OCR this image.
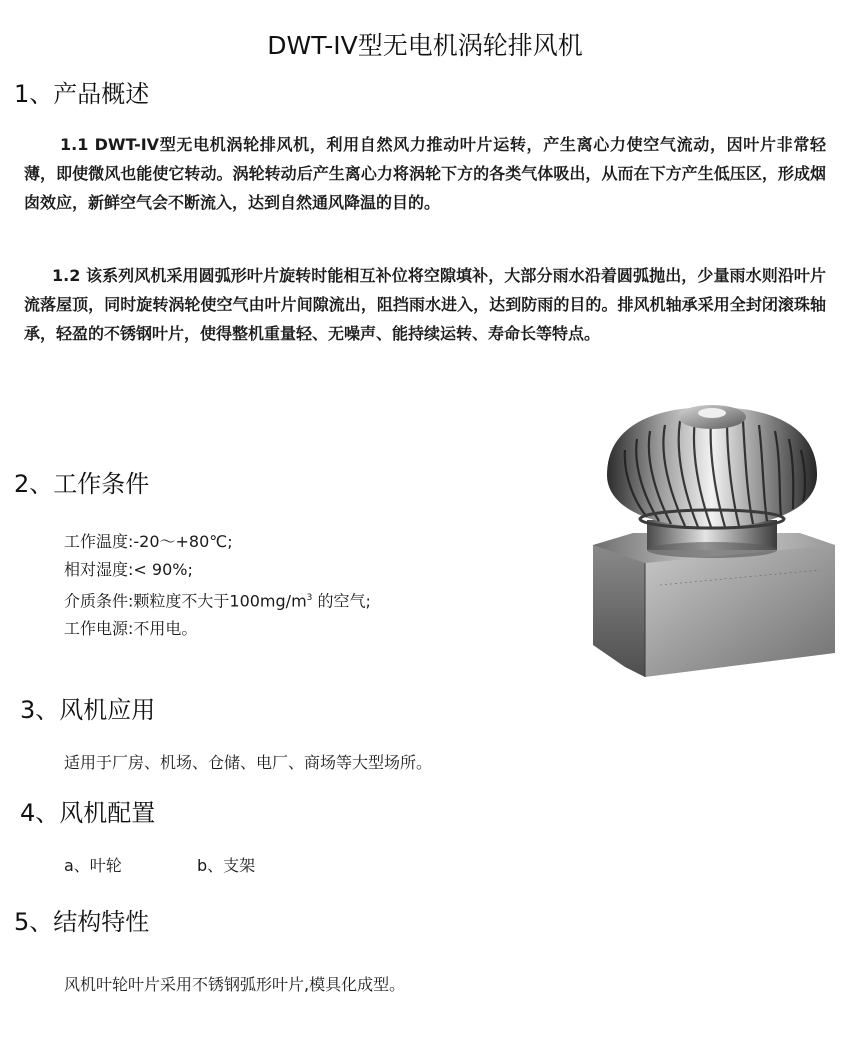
DWT-IV型无电机涡轮排风机
1、产品概述
1.1 DWT-IV型无电机涡轮排风机，利用自然风力推动叶片运转，产生离心力使空气流动，因叶片非常轻薄，即使微风也能使它转动。涡轮转动后产生离心力将涡轮下方的各类气体吸出，从而在下方产生低压区，形成烟囱效应，新鲜空气会不断流入，达到自然通风降温的目的。
1.2 该系列风机采用圆弧形叶片旋转时能相互补位将空隙填补，大部分雨水沿着圆弧抛出，少量雨水则沿叶片流落屋顶，同时旋转涡轮使空气由叶片间隙流出，阻挡雨水进入，达到防雨的目的。排风机轴承采用全封闭滚珠轴承，轻盈的不锈钢叶片，使得整机重量轻、无噪声、能持续运转、寿命长等特点。
2、工作条件
工作温度:-20～+80℃;
相对湿度:< 90%;
介质条件:颗粒度不大于$100mg/m^3$ 的空气;
工作电源:不用电。
3、风机应用
适用于厂房、机场、仓储、电厂、商场等大型场所。
4、风机配置
a、叶轮	b、支架
5、结构特性
风机叶轮叶片采用不锈钢弧形叶片,模具化成型。
